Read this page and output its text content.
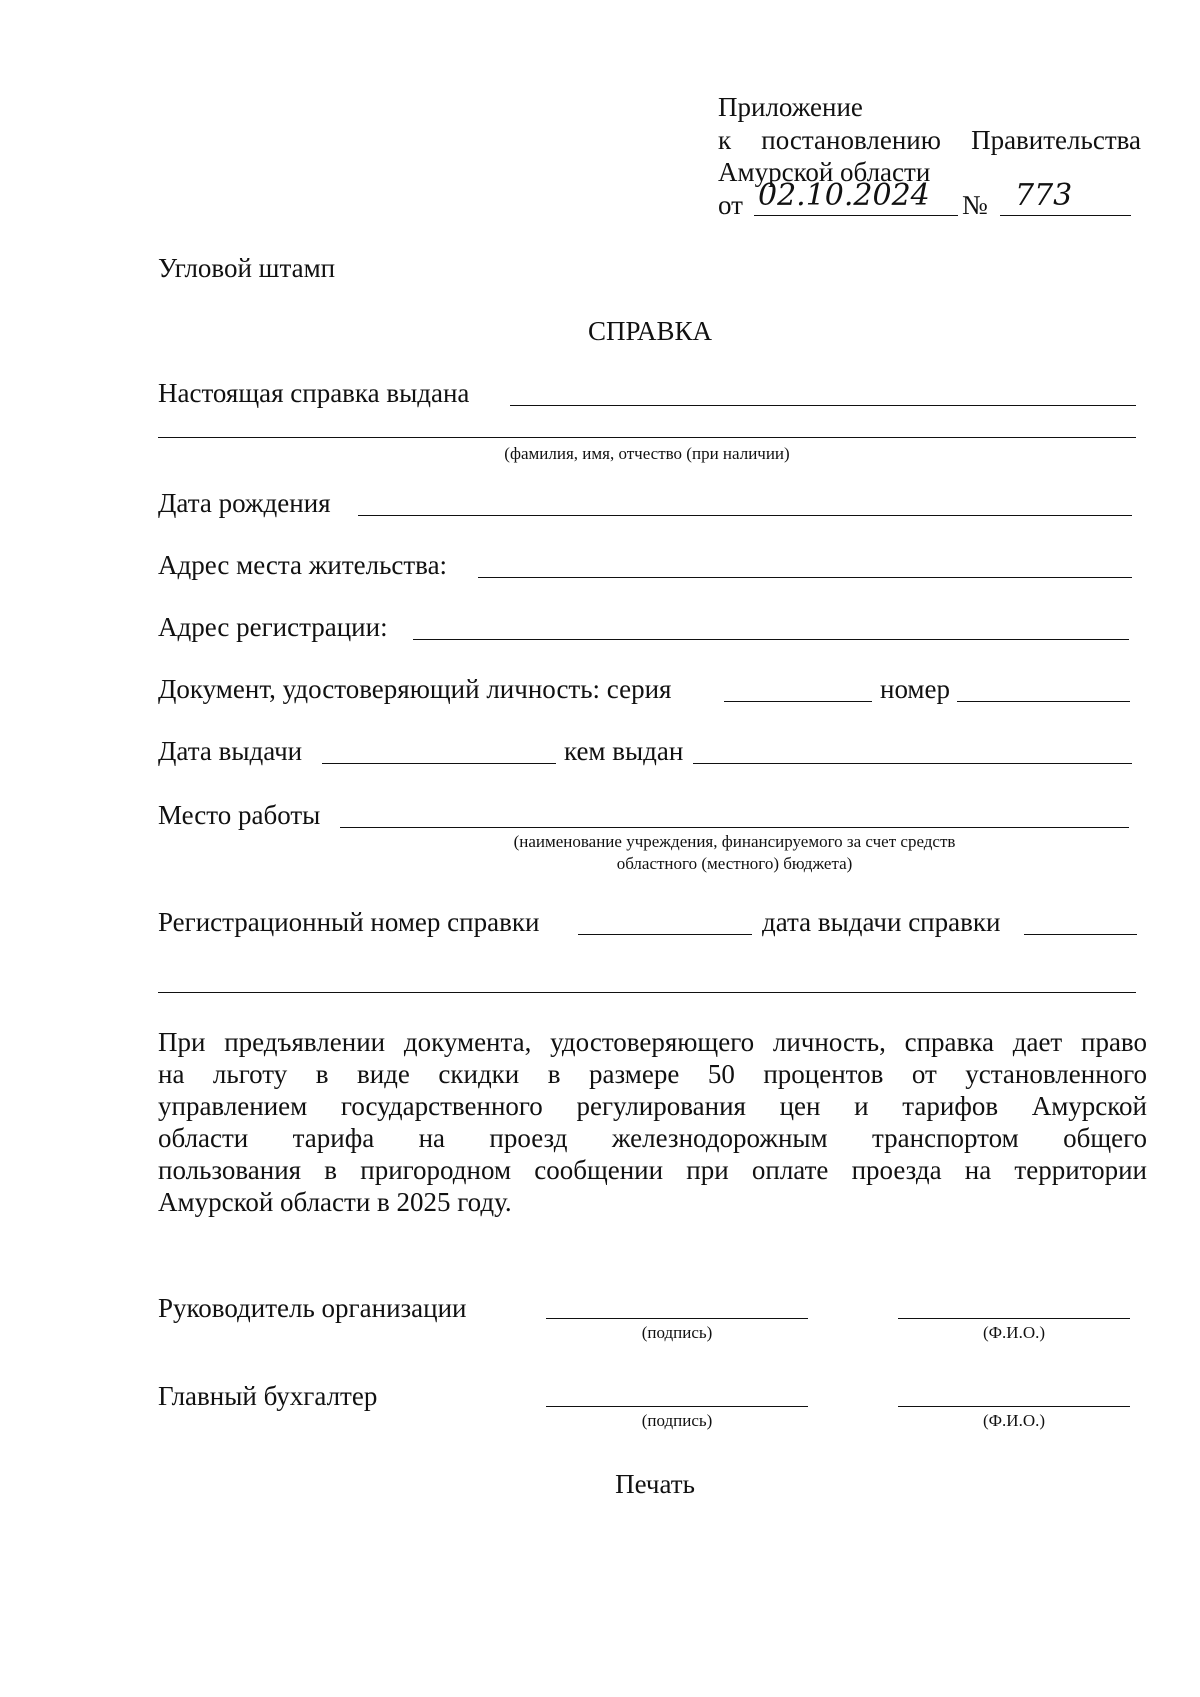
Приложение
к постановлению Правительства
Амурской области
от 02.10.2024 № 773
Угловой штамп
СПРАВКА
Настоящая справка выдана
(фамилия, имя, отчество (при наличии)
Дата рождения
Адрес места жительства:
Адрес регистрации:
Документ, удостоверяющий личность: серия	номер
Дата выдачи	кем выдан
Место работы
(наименование учреждения, финансируемого за счет средств
областного (местного) бюджета)
Регистрационный номер справки	дата выдачи справки
При предъявлении документа, удостоверяющего личность, справка дает право
на льготу в виде скидки в размере 50 процентов от установленного
управлением государственного регулирования цен и тарифов Амурской
области тарифа на проезд железнодорожным транспортом общего
пользования в пригородном сообщении при оплате проезда на территории
Амурской области в 2025 году.
Руководитель организации
(подпись)	(Ф.И.О.)
Главный бухгалтер
(подпись)	(Ф.И.О.)
Печать
